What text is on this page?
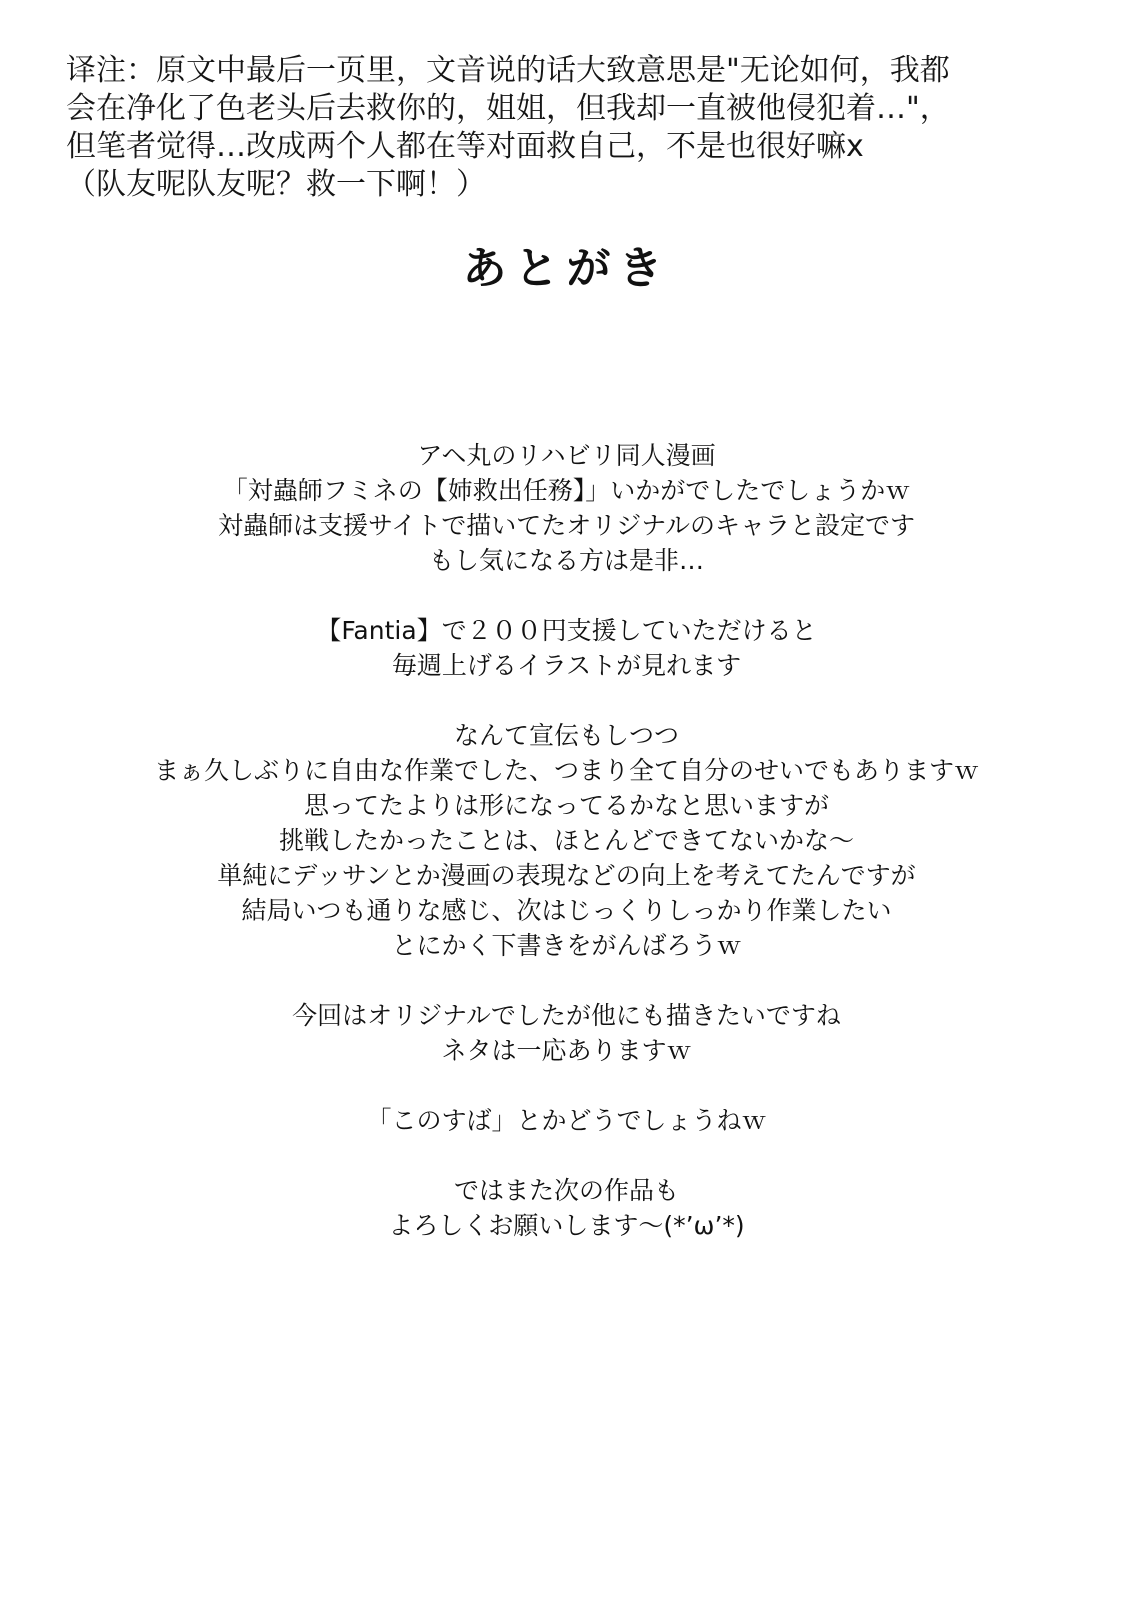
译注：原文中最后一页里，文音说的话大致意思是"无论如何，我都
会在净化了色老头后去救你的，姐姐，但我却一直被他侵犯着…"，
但笔者觉得…改成两个人都在等对面救自己，不是也很好嘛x
（队友呢队友呢？救一下啊！）
あとがき
アヘ丸のリハビリ同人漫画
「対蟲師フミネの【姉救出任務】」いかがでしたでしょうかｗ
対蟲師は支援サイトで描いてたオリジナルのキャラと設定です
もし気になる方は是非…
【Fantia】で２００円支援していただけると
毎週上げるイラストが見れます
なんて宣伝もしつつ
まぁ久しぶりに自由な作業でした、つまり全て自分のせいでもありますｗ
思ってたよりは形になってるかなと思いますが
挑戦したかったことは、ほとんどできてないかな～
単純にデッサンとか漫画の表現などの向上を考えてたんですが
結局いつも通りな感じ、次はじっくりしっかり作業したい
とにかく下書きをがんばろうｗ
今回はオリジナルでしたが他にも描きたいですね
ネタは一応ありますｗ
「このすば」とかどうでしょうねｗ
ではまた次の作品も
よろしくお願いします～(*’ω’*)
